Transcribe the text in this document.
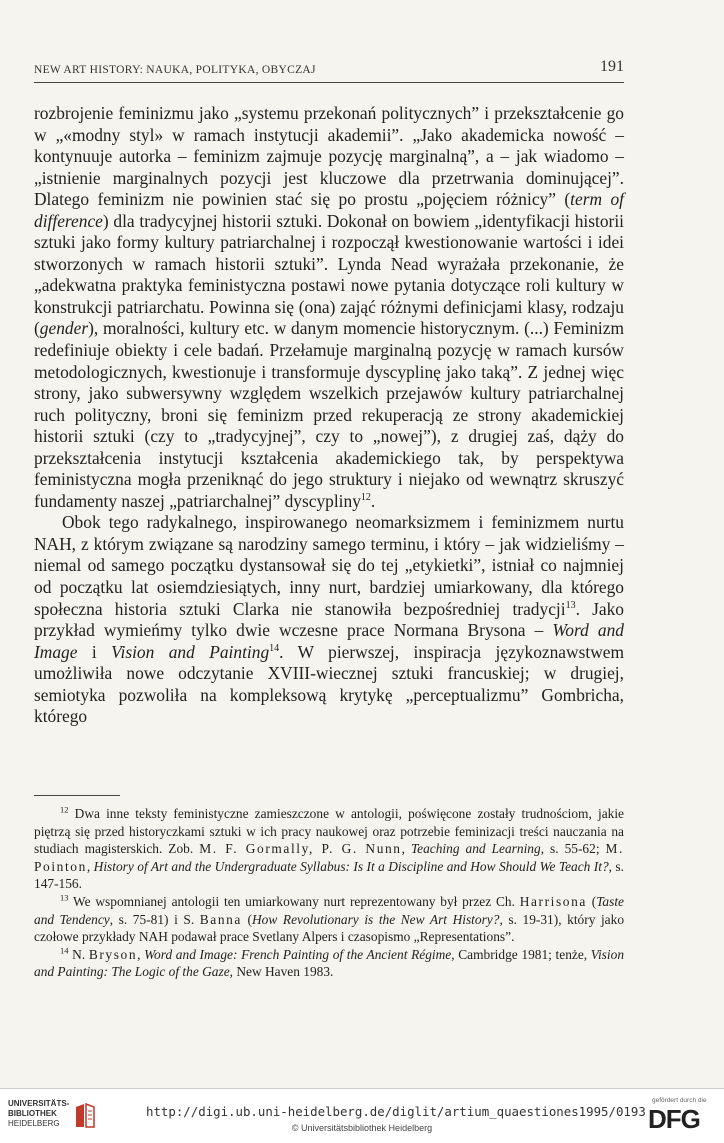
NEW ART HISTORY: NAUKA, POLITYKA, OBYCZAJ	191

rozbrojenie feminizmu jako „systemu przekonań politycznych” i przekształcenie go w „«modny styl» w ramach instytucji akademii”. „Jako akademicka nowość – kontynuuje autorka – feminizm zajmuje pozycję marginalną”, a – jak wiadomo – „istnienie marginalnych pozycji jest kluczowe dla przetrwania dominującej”. Dlatego feminizm nie powinien stać się po prostu „pojęciem różnicy” (term of difference) dla tradycyjnej historii sztuki. Dokonał on bowiem „identyfikacji historii sztuki jako formy kultury patriarchalnej i rozpoczął kwestionowanie wartości i idei stworzonych w ramach historii sztuki”. Lynda Nead wyrażała przekonanie, że „adekwatna praktyka feministyczna postawi nowe pytania dotyczące roli kultury w konstrukcji patriarchatu. Powinna się (ona) zająć różnymi definicjami klasy, rodzaju (gender), moralności, kultury etc. w danym momencie historycznym. (...) Feminizm redefiniuje obiekty i cele badań. Przełamuje marginalną pozycję w ramach kursów metodologicznych, kwestionuje i transformuje dyscyplinę jako taką”. Z jednej więc strony, jako subwersywny względem wszelkich przejawów kultury patriarchalnej ruch polityczny, broni się feminizm przed rekuperacją ze strony akademickiej historii sztuki (czy to „tradycyjnej”, czy to „nowej”), z drugiej zaś, dąży do przekształcenia instytucji kształcenia akademickiego tak, by perspektywa feministyczna mogła przeniknąć do jego struktury i niejako od wewnątrz skruszyć fundamenty naszej „patriarchalnej” dyscypliny$^{12}$.

Obok tego radykalnego, inspirowanego neomarksizmem i feminizmem nurtu NAH, z którym związane są narodziny samego terminu, i który – jak widzieliśmy – niemal od samego początku dystansował się do tej „etykietki”, istniał co najmniej od początku lat osiemdziesiątych, inny nurt, bardziej umiarkowany, dla którego społeczna historia sztuki Clarka nie stanowiła bezpośredniej tradycji$^{13}$. Jako przykład wymieńmy tylko dwie wczesne prace Normana Brysona – Word and Image i Vision and Painting$^{14}$. W pierwszej, inspiracja językoznawstwem umożliwiła nowe odczytanie XVIII-wiecznej sztuki francuskiej; w drugiej, semiotyka pozwoliła na kompleksową krytykę „perceptualizmu” Gombricha, którego

$^{12}$ Dwa inne teksty feministyczne zamieszczone w antologii, poświęcone zostały trudnościom, jakie piętrzą się przed historyczkami sztuki w ich pracy naukowej oraz potrzebie feminizacji treści nauczania na studiach magisterskich. Zob. M. F. Gormally, P. G. Nunn, Teaching and Learning, s. 55-62; M. Pointon, History of Art and the Undergraduate Syllabus: Is It a Discipline and How Should We Teach It?, s. 147-156.

$^{13}$ We wspomnianej antologii ten umiarkowany nurt reprezentowany był przez Ch. Harrisona (Taste and Tendency, s. 75-81) i S. Banna (How Revolutionary is the New Art History?, s. 19-31), który jako czołowe przykłady NAH podawał prace Svetlany Alpers i czasopismo „Representations”.

$^{14}$ N. Bryson, Word and Image: French Painting of the Ancient Régime, Cambridge 1981; tenże, Vision and Painting: The Logic of the Gaze, New Haven 1983.

UNIVERSITÄTS-
BIBLIOTHEK
HEIDELBERG
http://digi.ub.uni-heidelberg.de/diglit/artium_quaestiones1995/0193
© Universitätsbibliothek Heidelberg
gefördert durch die
DFG
